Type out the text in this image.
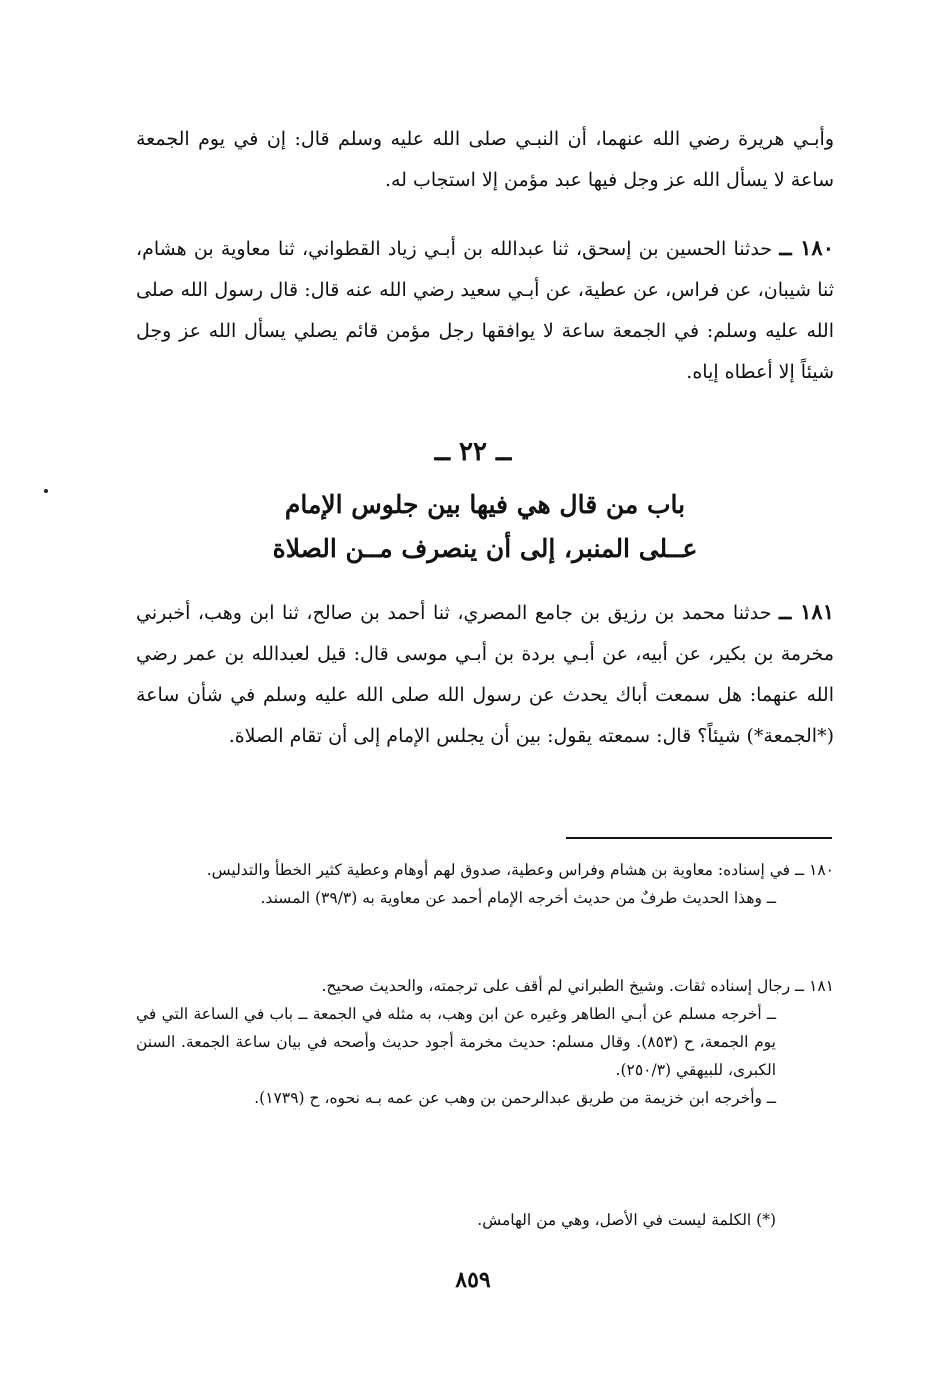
وأبـي هريرة رضي الله عنهما، أن النبـي صلى الله عليه وسلم قال: إن في يوم الجمعة ساعة لا يسأل الله عز وجل فيها عبد مؤمن إلا استجاب له.

١٨٠ ــ حدثنا الحسين بن إسحق، ثنا عبدالله بن أبـي زياد القطواني، ثنا معاوية بن هشام، ثنا شيبان، عن فراس، عن عطية، عن أبـي سعيد رضي الله عنه قال: قال رسول الله صلى الله عليه وسلم: في الجمعة ساعة لا يوافقها رجل مؤمن قائم يصلي يسأل الله عز وجل شيئاً إلا أعطاه إياه.

ــ ٢٢ ــ
باب من قال هي فيها بين جلوس الإمام
عــلى المنبر، إلى أن ينصرف مــن الصلاة

١٨١ ــ حدثنا محمد بن رزيق بن جامع المصري، ثنا أحمد بن صالح، ثنا ابن وهب، أخبرني مخرمة بن بكير، عن أبيه، عن أبـي بردة بن أبـي موسى قال: قيل لعبدالله بن عمر رضي الله عنهما: هل سمعت أباك يحدث عن رسول الله صلى الله عليه وسلم في شأن ساعة (*الجمعة*) شيئاً؟ قال: سمعته يقول: بين أن يجلس الإمام إلى أن تقام الصلاة.

١٨٠ ــ في إسناده: معاوية بن هشام وفراس وعطية، صدوق لهم أوهام وعطية كثير الخطأ والتدليس.

ــ وهذا الحديث طرفٌ من حديث أخرجه الإمام أحمد عن معاوية به (٣٩/٣) المسند.

١٨١ ــ رجال إسناده ثقات. وشيخ الطبراني لم أقف على ترجمته، والحديث صحيح.

ــ أخرجه مسلم عن أبـي الطاهر وغيره عن ابن وهب، به مثله في الجمعة ــ باب في الساعة التي في يوم الجمعة، ح (٨٥٣). وقال مسلم: حديث مخرمة أجود حديث وأصحه في بيان ساعة الجمعة. السنن الكبرى، للبيهقي (٢٥٠/٣).

ــ وأخرجه ابن خزيمة من طريق عبدالرحمن بن وهب عن عمه بـه نحوه، ح (١٧٣٩).

(*) الكلمة ليست في الأصل، وهي من الهامش.

٨٥٩
